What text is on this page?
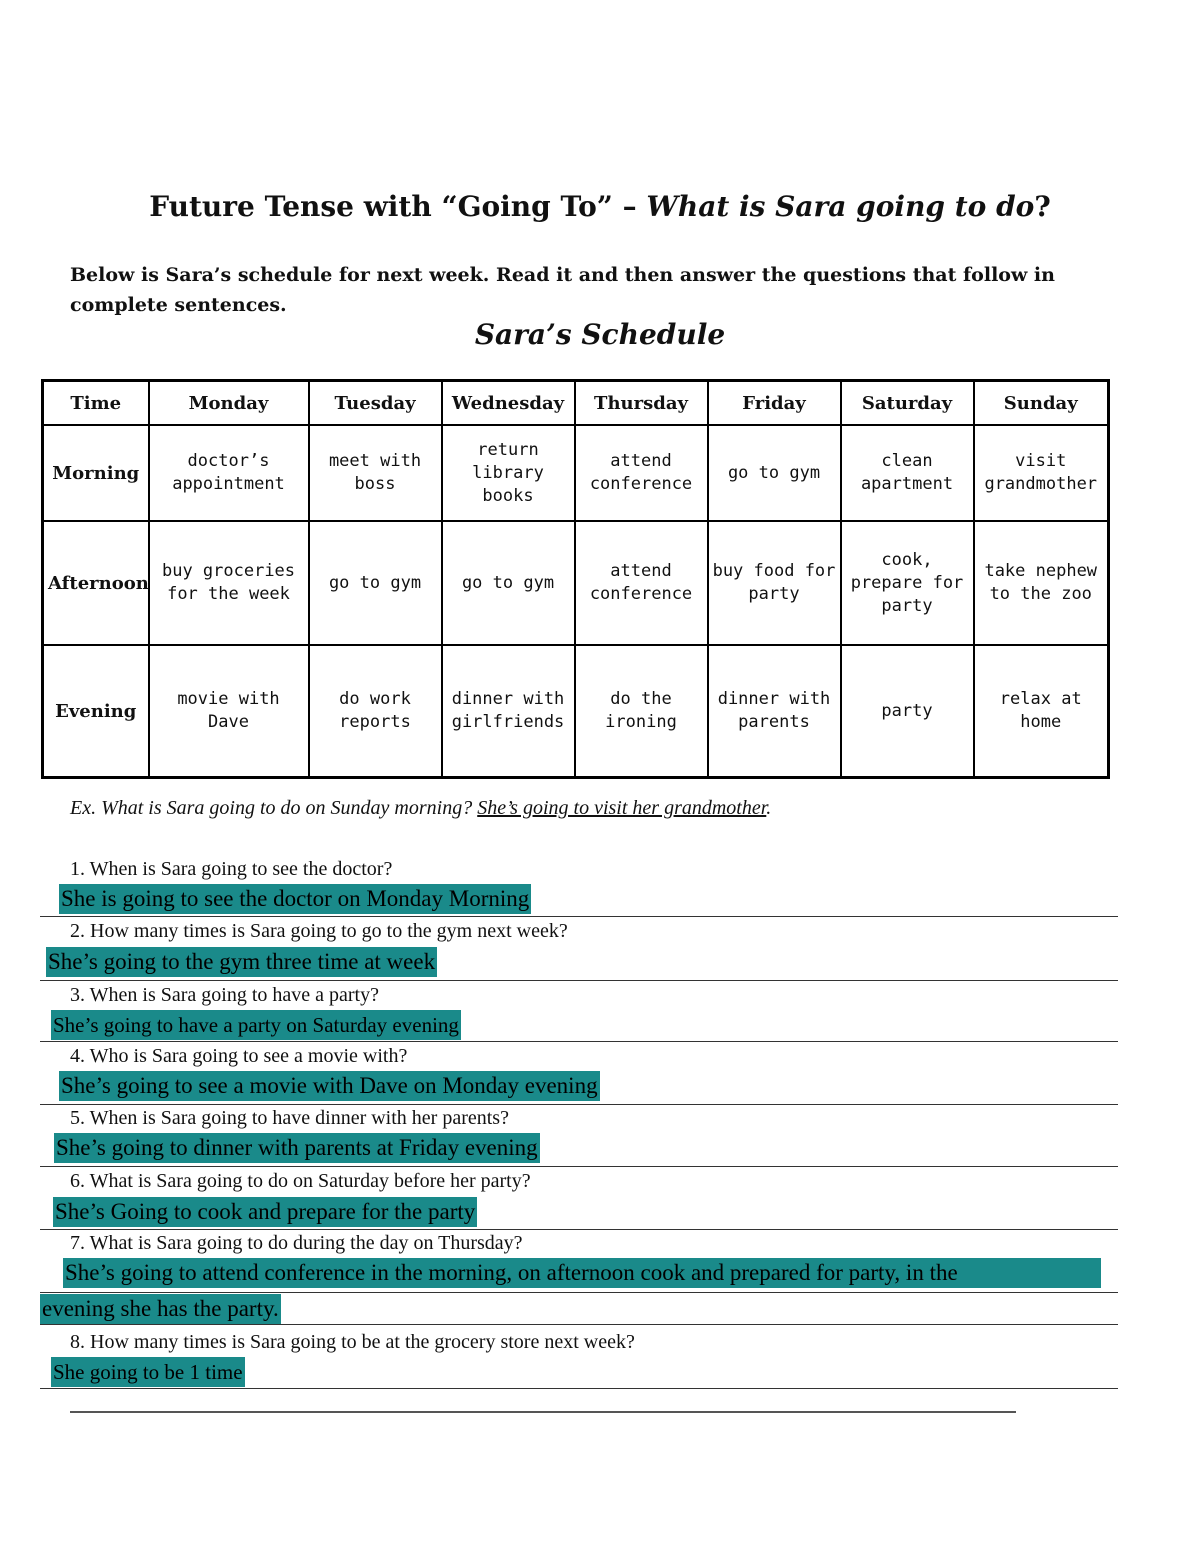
Future Tense with “Going To” – What is Sara going to do?
Below is Sara’s schedule for next week. Read it and then answer the questions that follow in complete sentences.
Sara’s Schedule
Time	Monday	Tuesday	Wednesday	Thursday	Friday	Saturday	Sunday
Morning	doctor’s appointment	meet with boss	return library books	attend conference	go to gym	clean apartment	visit grandmother
Afternoon	buy groceries for the week	go to gym	go to gym	attend conference	buy food for party	cook, prepare for party	take nephew to the zoo
Evening	movie with Dave	do work reports	dinner with girlfriends	do the ironing	dinner with parents	party	relax at home
Ex. What is Sara going to do on Sunday morning? She’s going to visit her grandmother.
1. When is Sara going to see the doctor?
She is going to see the doctor on Monday Morning
2. How many times is Sara going to go to the gym next week?
She’s going to the gym three time at week
3. When is Sara going to have a party?
She’s going to have a party on Saturday evening
4. Who is Sara going to see a movie with?
She’s going to see a movie with Dave on Monday evening
5. When is Sara going to have dinner with her parents?
She’s going to dinner with parents at Friday evening
6. What is Sara going to do on Saturday before her party?
She’s Going to cook and prepare for the party
7. What is Sara going to do during the day on Thursday?
She’s going to attend conference in the morning, on afternoon cook and prepared for party, in the
evening she has the party.
8. How many times is Sara going to be at the grocery store next week?
She going to be 1 time
